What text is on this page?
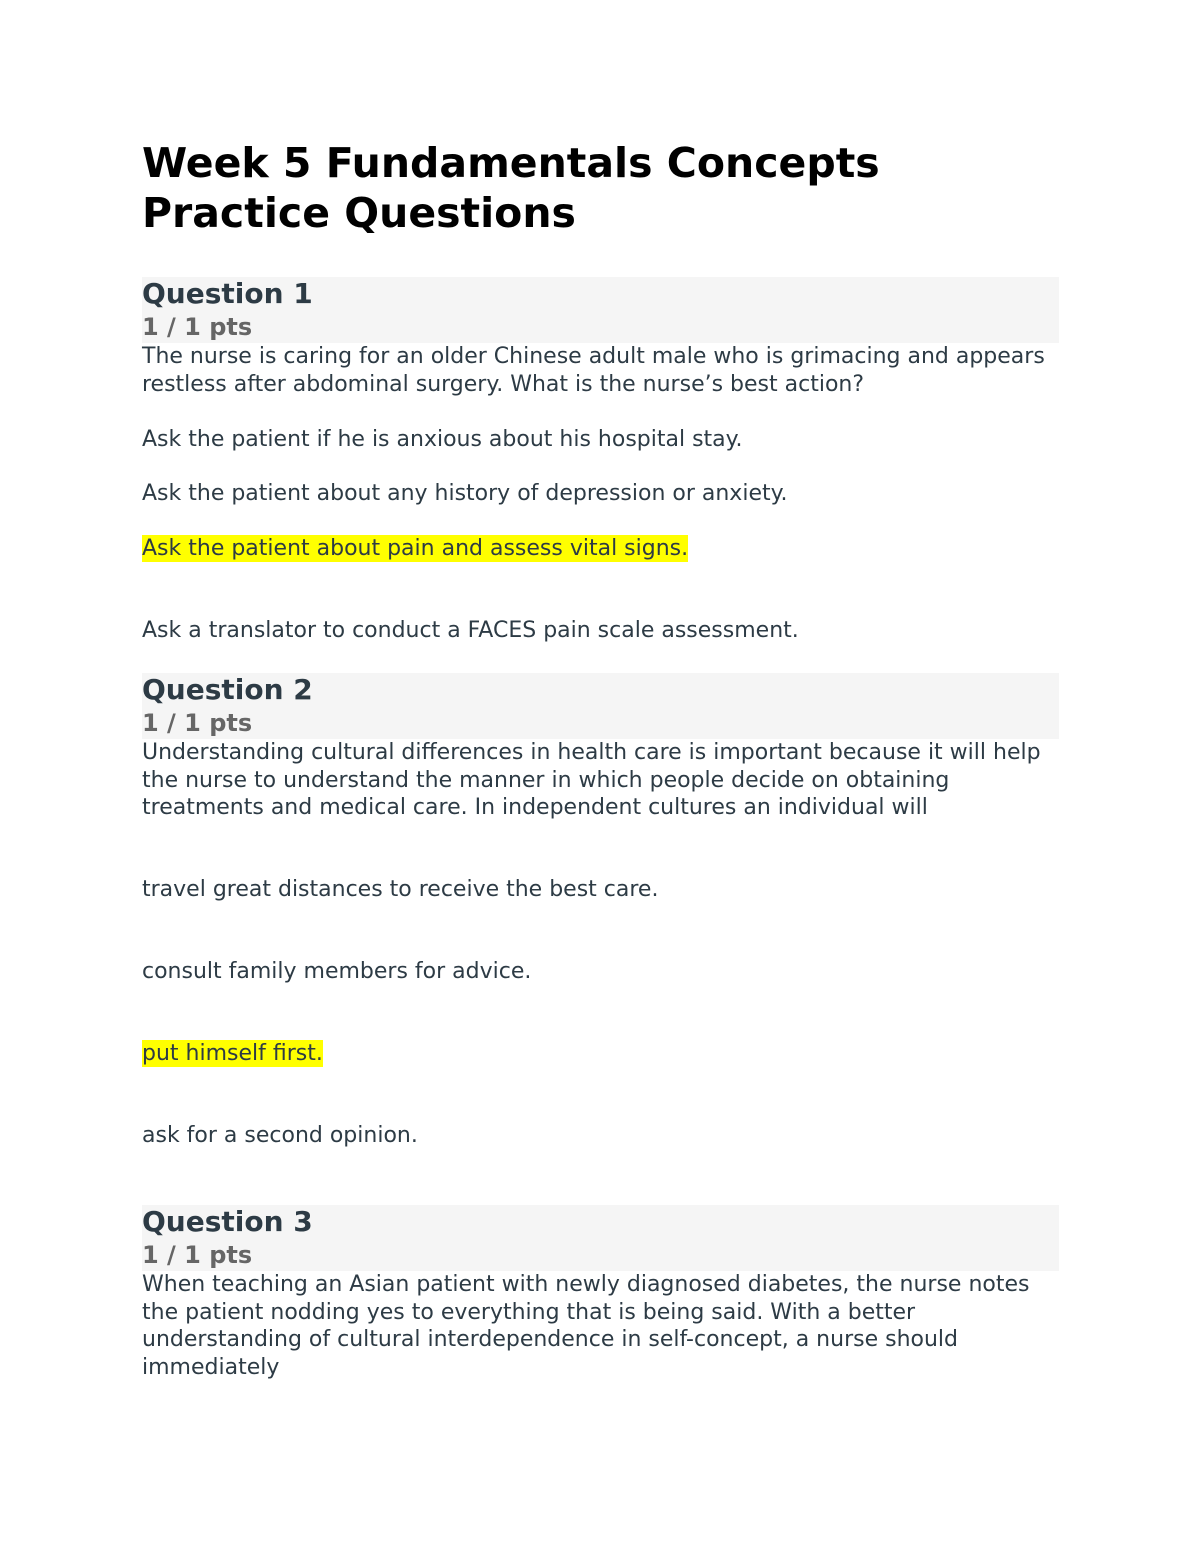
Week 5 Fundamentals Concepts
Practice Questions
Question 1
1 / 1 pts
The nurse is caring for an older Chinese adult male who is grimacing and appears restless after abdominal surgery. What is the nurse’s best action?
Ask the patient if he is anxious about his hospital stay.
Ask the patient about any history of depression or anxiety.
Ask the patient about pain and assess vital signs.
Ask a translator to conduct a FACES pain scale assessment.
Question 2
1 / 1 pts
Understanding cultural differences in health care is important because it will help the nurse to understand the manner in which people decide on obtaining treatments and medical care. In independent cultures an individual will
travel great distances to receive the best care.
consult family members for advice.
put himself first.
ask for a second opinion.
Question 3
1 / 1 pts
When teaching an Asian patient with newly diagnosed diabetes, the nurse notes the patient nodding yes to everything that is being said. With a better understanding of cultural interdependence in self-concept, a nurse should immediately
